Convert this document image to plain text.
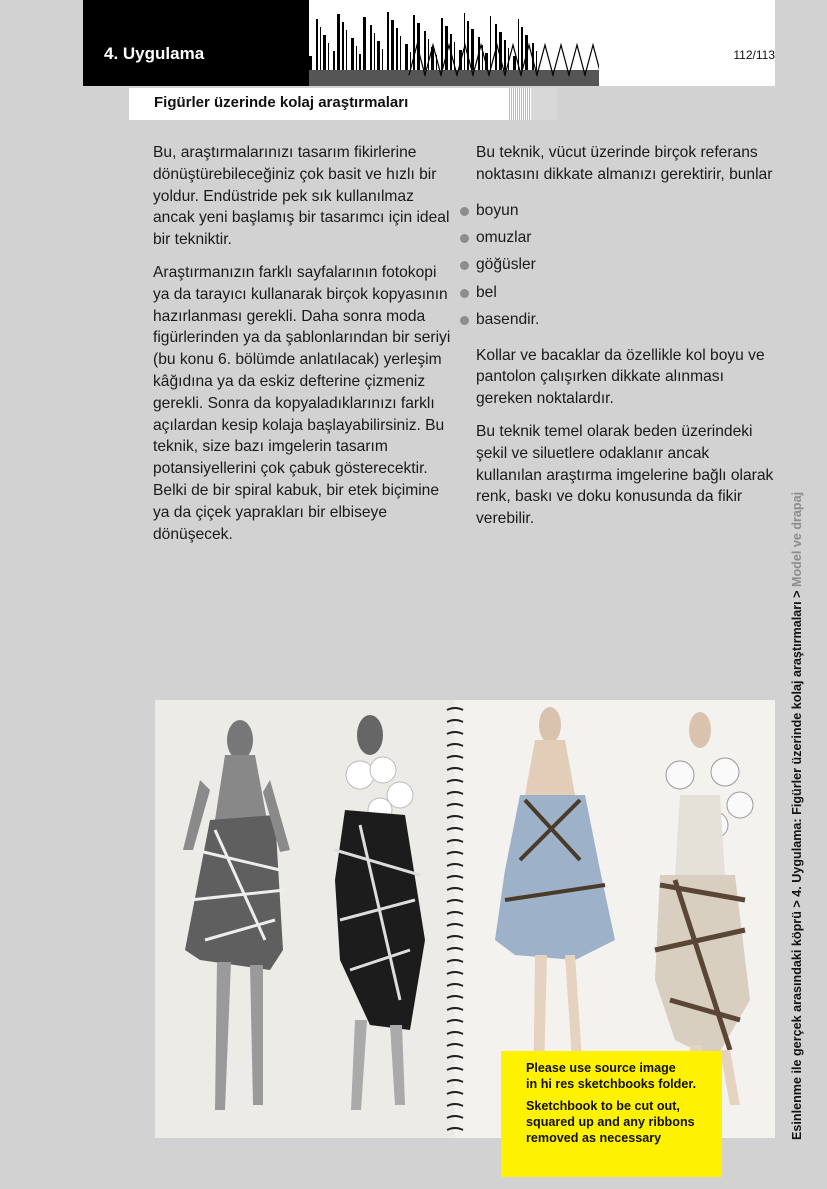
4. Uygulama	112/113
Figürler üzerinde kolaj araştırmaları

Bu, araştırmalarınızı tasarım fikirlerine dönüştürebileceğiniz çok basit ve hızlı bir yoldur. Endüstride pek sık kullanılmaz ancak yeni başlamış bir tasarımcı için ideal bir tekniktir.

Araştırmanızın farklı sayfalarının fotokopi ya da tarayıcı kullanarak birçok kopyasının hazırlanması gerekli. Daha sonra moda figürlerinden ya da şablonlarından bir seriyi (bu konu 6. bölümde anlatılacak) yerleşim kâğıdına ya da eskiz defterine çizmeniz gerekli. Sonra da kopyaladıklarınızı farklı açılardan kesip kolaja başlayabilirsiniz. Bu teknik, size bazı imgelerin tasarım potansiyellerini çok çabuk gösterecektir. Belki de bir spiral kabuk, bir etek biçimine ya da çiçek yaprakları bir elbiseye dönüşecek.

Bu teknik, vücut üzerinde birçok referans noktasını dikkate almanızı gerektirir, bunlar

boyun
omuzlar
göğüsler
bel
basendir.

Kollar ve bacaklar da özellikle kol boyu ve pantolon çalışırken dikkate alınması gereken noktalardır.

Bu teknik temel olarak beden üzerindeki şekil ve siluetlere odaklanır ancak kullanılan araştırma imgelerine bağlı olarak renk, baskı ve doku konusunda da fikir verebilir.

Please use source image
in hi res sketchbooks folder.

Sketchbook to be cut out,
squared up and any ribbons
removed as necessary	Esinlenme ile gerçek arasındaki köprü > 4. Uygulama: Figürler üzerinde kolaj araştırmaları > Model ve drapaj
